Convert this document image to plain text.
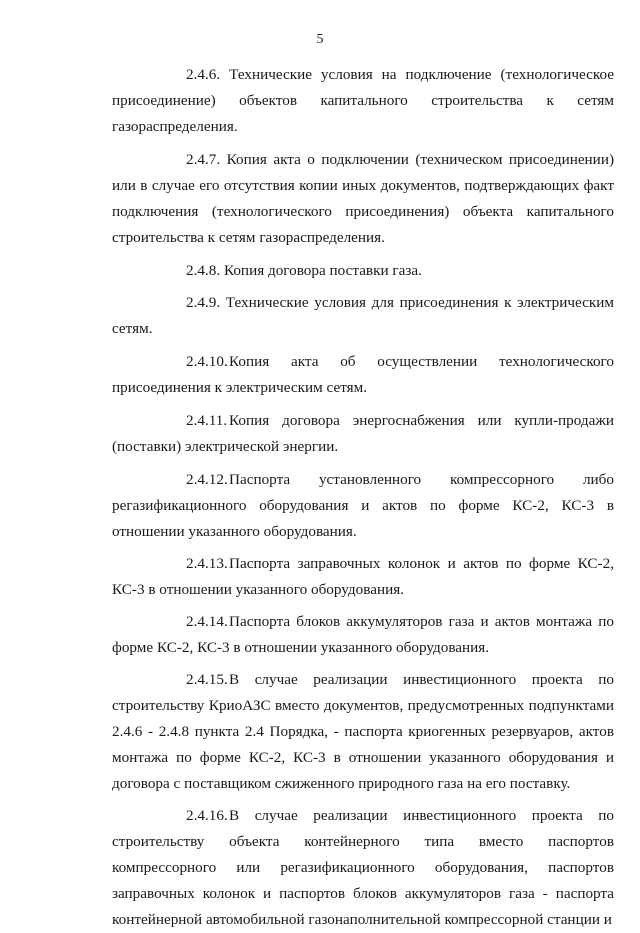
5

2.4.6. Технические условия на подключение (технологическое присоединение) объектов капитального строительства к сетям газораспределения.

2.4.7. Копия акта о подключении (техническом присоединении) или в случае его отсутствия копии иных документов, подтверждающих факт подключения (технологического присоединения) объекта капитального строительства к сетям газораспределения.

2.4.8. Копия договора поставки газа.

2.4.9. Технические условия для присоединения к электрическим сетям.

2.4.10.Копия акта об осуществлении технологического присоединения к электрическим сетям.

2.4.11. Копия договора энергоснабжения или купли-продажи (поставки) электрической энергии.

2.4.12.Паспорта установленного компрессорного либо регазификационного оборудования и актов по форме КС-2, КС-3 в отношении указанного оборудования.

2.4.13.Паспорта заправочных колонок и актов по форме КС-2, КС-3 в отношении указанного оборудования.

2.4.14.Паспорта блоков аккумуляторов газа и актов монтажа по форме КС-2, КС-3 в отношении указанного оборудования.

2.4.15.В случае реализации инвестиционного проекта по строительству КриоАЗС вместо документов, предусмотренных подпунктами 2.4.6 - 2.4.8 пункта 2.4 Порядка, - паспорта криогенных резервуаров, актов монтажа по форме КС-2, КС-3 в отношении указанного оборудования и договора с поставщиком сжиженного природного газа на его поставку.

2.4.16.В случае реализации инвестиционного проекта по строительству объекта контейнерного типа вместо паспортов компрессорного или регазификационного оборудования, паспортов заправочных колонок и паспортов блоков аккумуляторов газа - паспорта контейнерной автомобильной газонаполнительной компрессорной станции и
